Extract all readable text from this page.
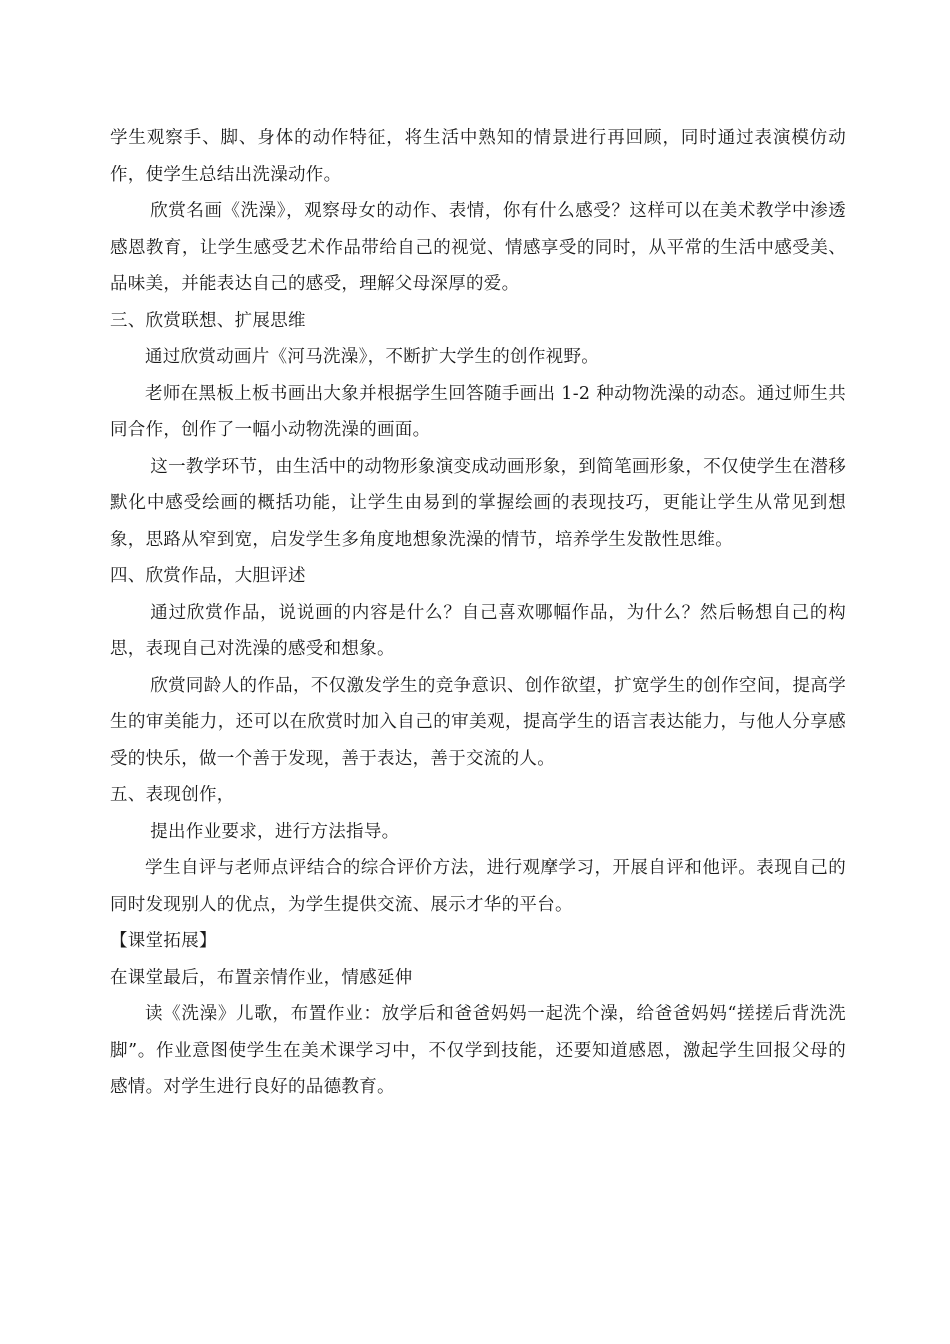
学生观察手、脚、身体的动作特征，将生活中熟知的情景进行再回顾，同时通过表演模仿动作，使学生总结出洗澡动作。

欣赏名画《洗澡》，观察母女的动作、表情，你有什么感受？这样可以在美术教学中渗透感恩教育，让学生感受艺术作品带给自己的视觉、情感享受的同时，从平常的生活中感受美、品味美，并能表达自己的感受，理解父母深厚的爱。

三、欣赏联想、扩展思维

通过欣赏动画片《河马洗澡》，不断扩大学生的创作视野。

老师在黑板上板书画出大象并根据学生回答随手画出 1-2 种动物洗澡的动态。通过师生共同合作，创作了一幅小动物洗澡的画面。

这一教学环节，由生活中的动物形象演变成动画形象，到简笔画形象，不仅使学生在潜移默化中感受绘画的概括功能，让学生由易到的掌握绘画的表现技巧，更能让学生从常见到想象，思路从窄到宽，启发学生多角度地想象洗澡的情节，培养学生发散性思维。

四、欣赏作品，大胆评述

通过欣赏作品，说说画的内容是什么？自己喜欢哪幅作品，为什么？然后畅想自己的构思，表现自己对洗澡的感受和想象。

欣赏同龄人的作品，不仅激发学生的竞争意识、创作欲望，扩宽学生的创作空间，提高学生的审美能力，还可以在欣赏时加入自己的审美观，提高学生的语言表达能力，与他人分享感受的快乐，做一个善于发现，善于表达，善于交流的人。

五、表现创作，

提出作业要求，进行方法指导。

学生自评与老师点评结合的综合评价方法，进行观摩学习，开展自评和他评。表现自己的同时发现别人的优点，为学生提供交流、展示才华的平台。

【课堂拓展】

在课堂最后，布置亲情作业，情感延伸

读《洗澡》儿歌，布置作业：放学后和爸爸妈妈一起洗个澡，给爸爸妈妈“搓搓后背洗洗脚”。作业意图使学生在美术课学习中，不仅学到技能，还要知道感恩，激起学生回报父母的感情。对学生进行良好的品德教育。
